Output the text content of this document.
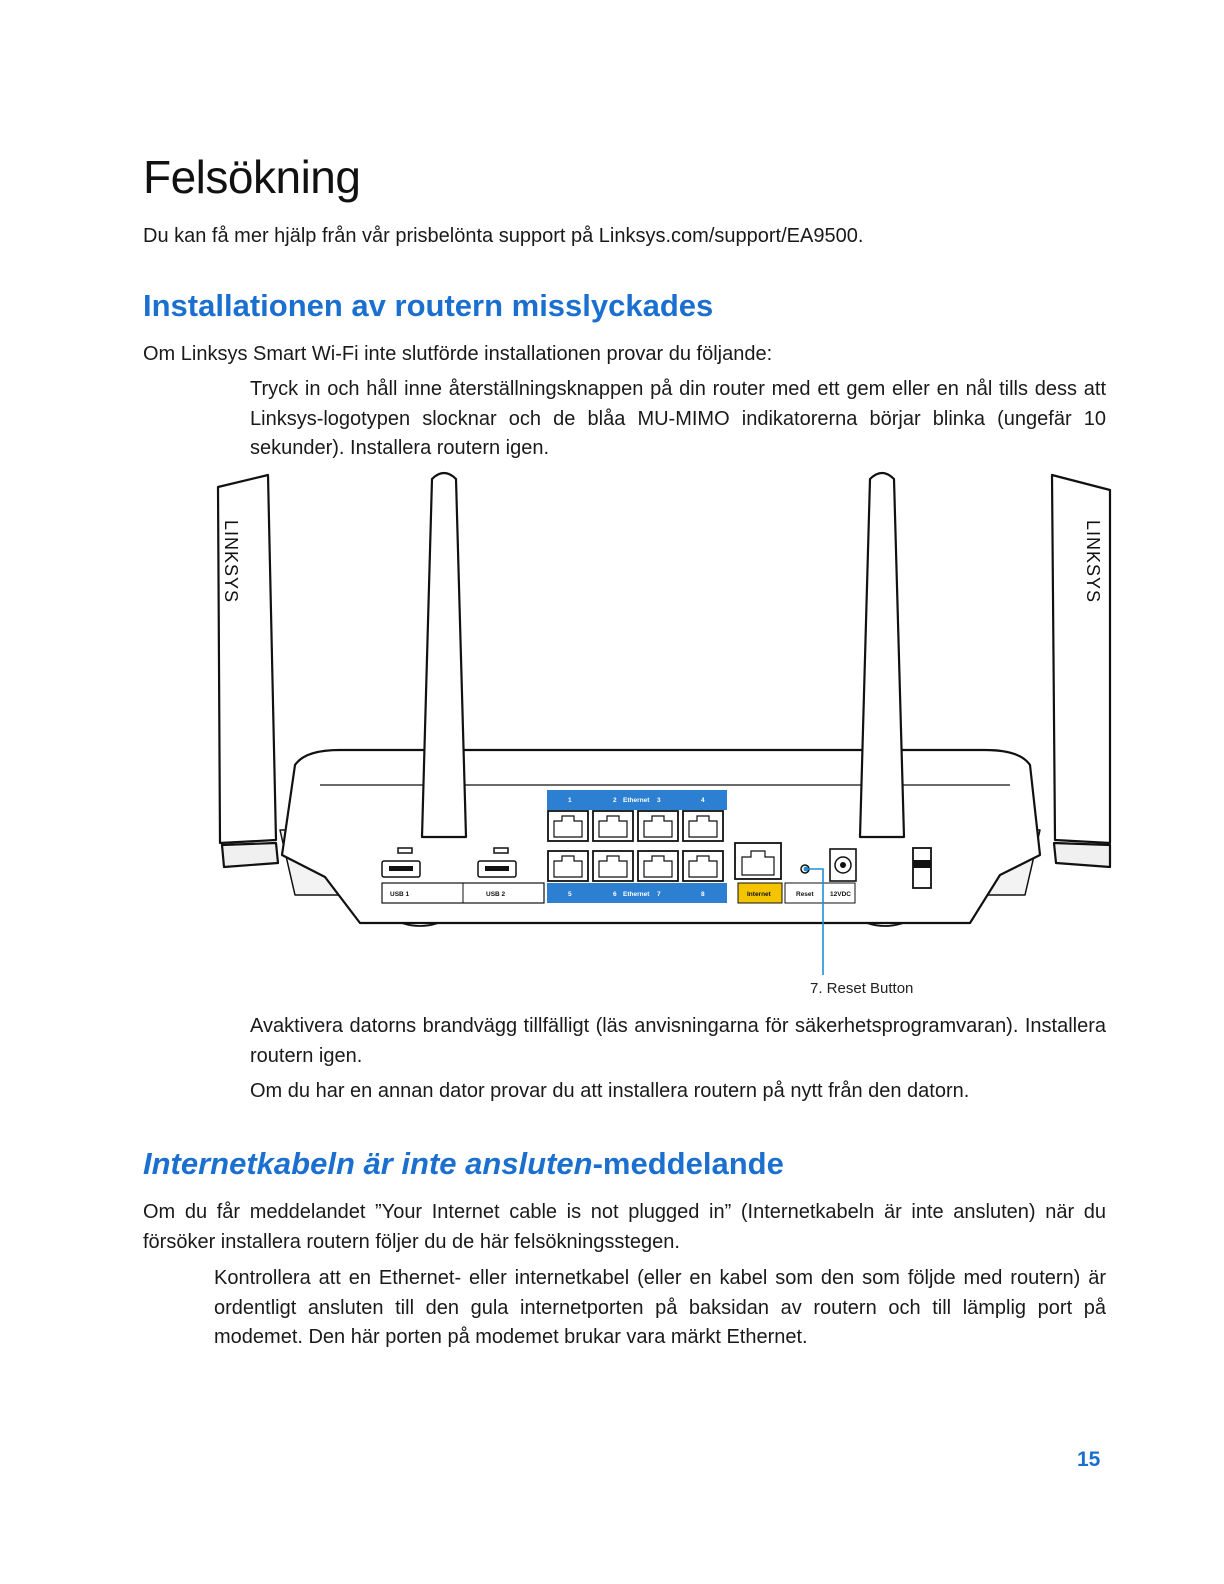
Felsökning

Du kan få mer hjälp från vår prisbelönta support på Linksys.com/support/EA9500.

Installationen av routern misslyckades

Om Linksys Smart Wi-Fi inte slutförde installationen provar du följande:

Tryck in och håll inne återställningsknappen på din router med ett gem eller en nål tills dess att Linksys-logotypen slocknar och de blåa MU-MIMO indikatorerna börjar blinka (ungefär 10 sekunder). Installera routern igen.

LINKSYS	LINKSYS
1	2 Ethernet 3	4
5	6 Ethernet 7	8
USB 1	USB 2	Internet	Reset	12VDC
7. Reset Button

Avaktivera datorns brandvägg tillfälligt (läs anvisningarna för säkerhetsprogramvaran). Installera routern igen.

Om du har en annan dator provar du att installera routern på nytt från den datorn.

Internetkabeln är inte ansluten-meddelande

Om du får meddelandet ”Your Internet cable is not plugged in” (Internetkabeln är inte ansluten) när du försöker installera routern följer du de här felsökningsstegen.

Kontrollera att en Ethernet- eller internetkabel (eller en kabel som den som följde med routern) är ordentligt ansluten till den gula internetporten på baksidan av routern och till lämplig port på modemet. Den här porten på modemet brukar vara märkt Ethernet.

15
